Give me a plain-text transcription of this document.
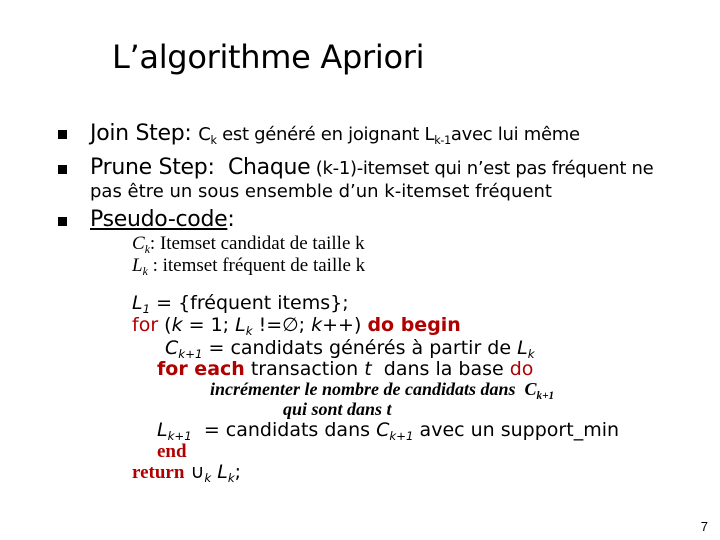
L’algorithme Apriori
Join Step: $C_k$ est généré en joignant $L_{k-1}avec$ lui même
Prune Step:  Chaque (k-1)-itemset qui n’est pas fréquent ne
pas être un sous ensemble d’un k-itemset fréquent
Pseudo-code:
$C_k$: Itemset candidat de taille k
$L_k$ : itemset fréquent de taille k
$L_1$ = {fréquent items};
for (k = 1; $L_k$ !=∅; k++) do begin
$C_{k+1}$ = candidats générés à partir de $L_k$
for each transaction t  dans la base do
incrémenter le nombre de candidats dans  $C_{k+1}$
qui sont dans t
$L_{k+1}$  = candidats dans $C_{k+1}$ avec un support_min
end
return $\cup_k$ $L_k$;
7
